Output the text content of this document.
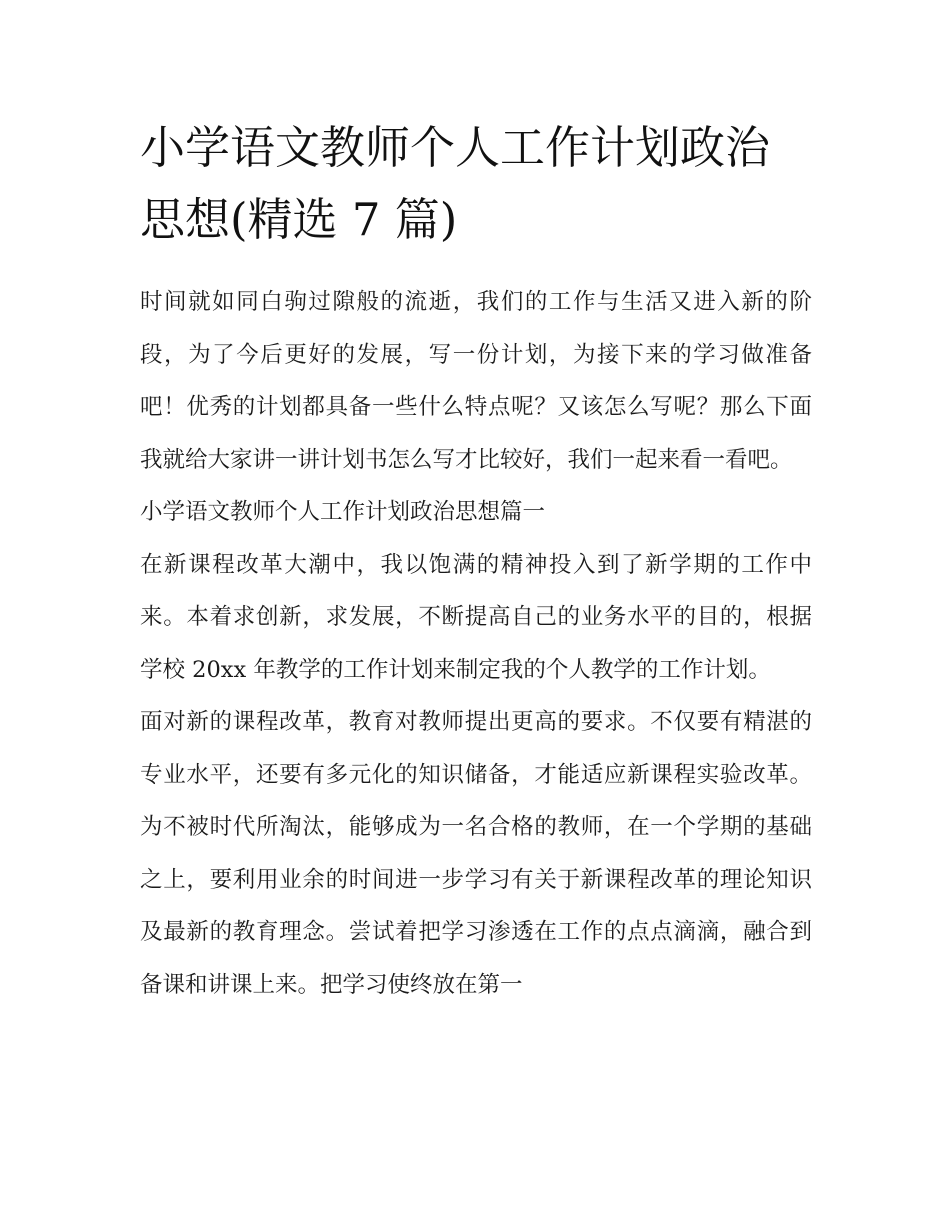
小学语文教师个人工作计划政治思想(精选 7 篇)

时间就如同白驹过隙般的流逝，我们的工作与生活又进入新的阶段，为了今后更好的发展，写一份计划，为接下来的学习做准备吧！优秀的计划都具备一些什么特点呢？又该怎么写呢？那么下面我就给大家讲一讲计划书怎么写才比较好，我们一起来看一看吧。

小学语文教师个人工作计划政治思想篇一

在新课程改革大潮中，我以饱满的精神投入到了新学期的工作中来。本着求创新，求发展，不断提高自己的业务水平的目的，根据学校 20xx 年教学的工作计划来制定我的个人教学的工作计划。

面对新的课程改革，教育对教师提出更高的要求。不仅要有精湛的专业水平，还要有多元化的知识储备，才能适应新课程实验改革。为不被时代所淘汰，能够成为一名合格的教师，在一个学期的基础之上，要利用业余的时间进一步学习有关于新课程改革的理论知识及最新的教育理念。尝试着把学习渗透在工作的点点滴滴，融合到备课和讲课上来。把学习使终放在第一
